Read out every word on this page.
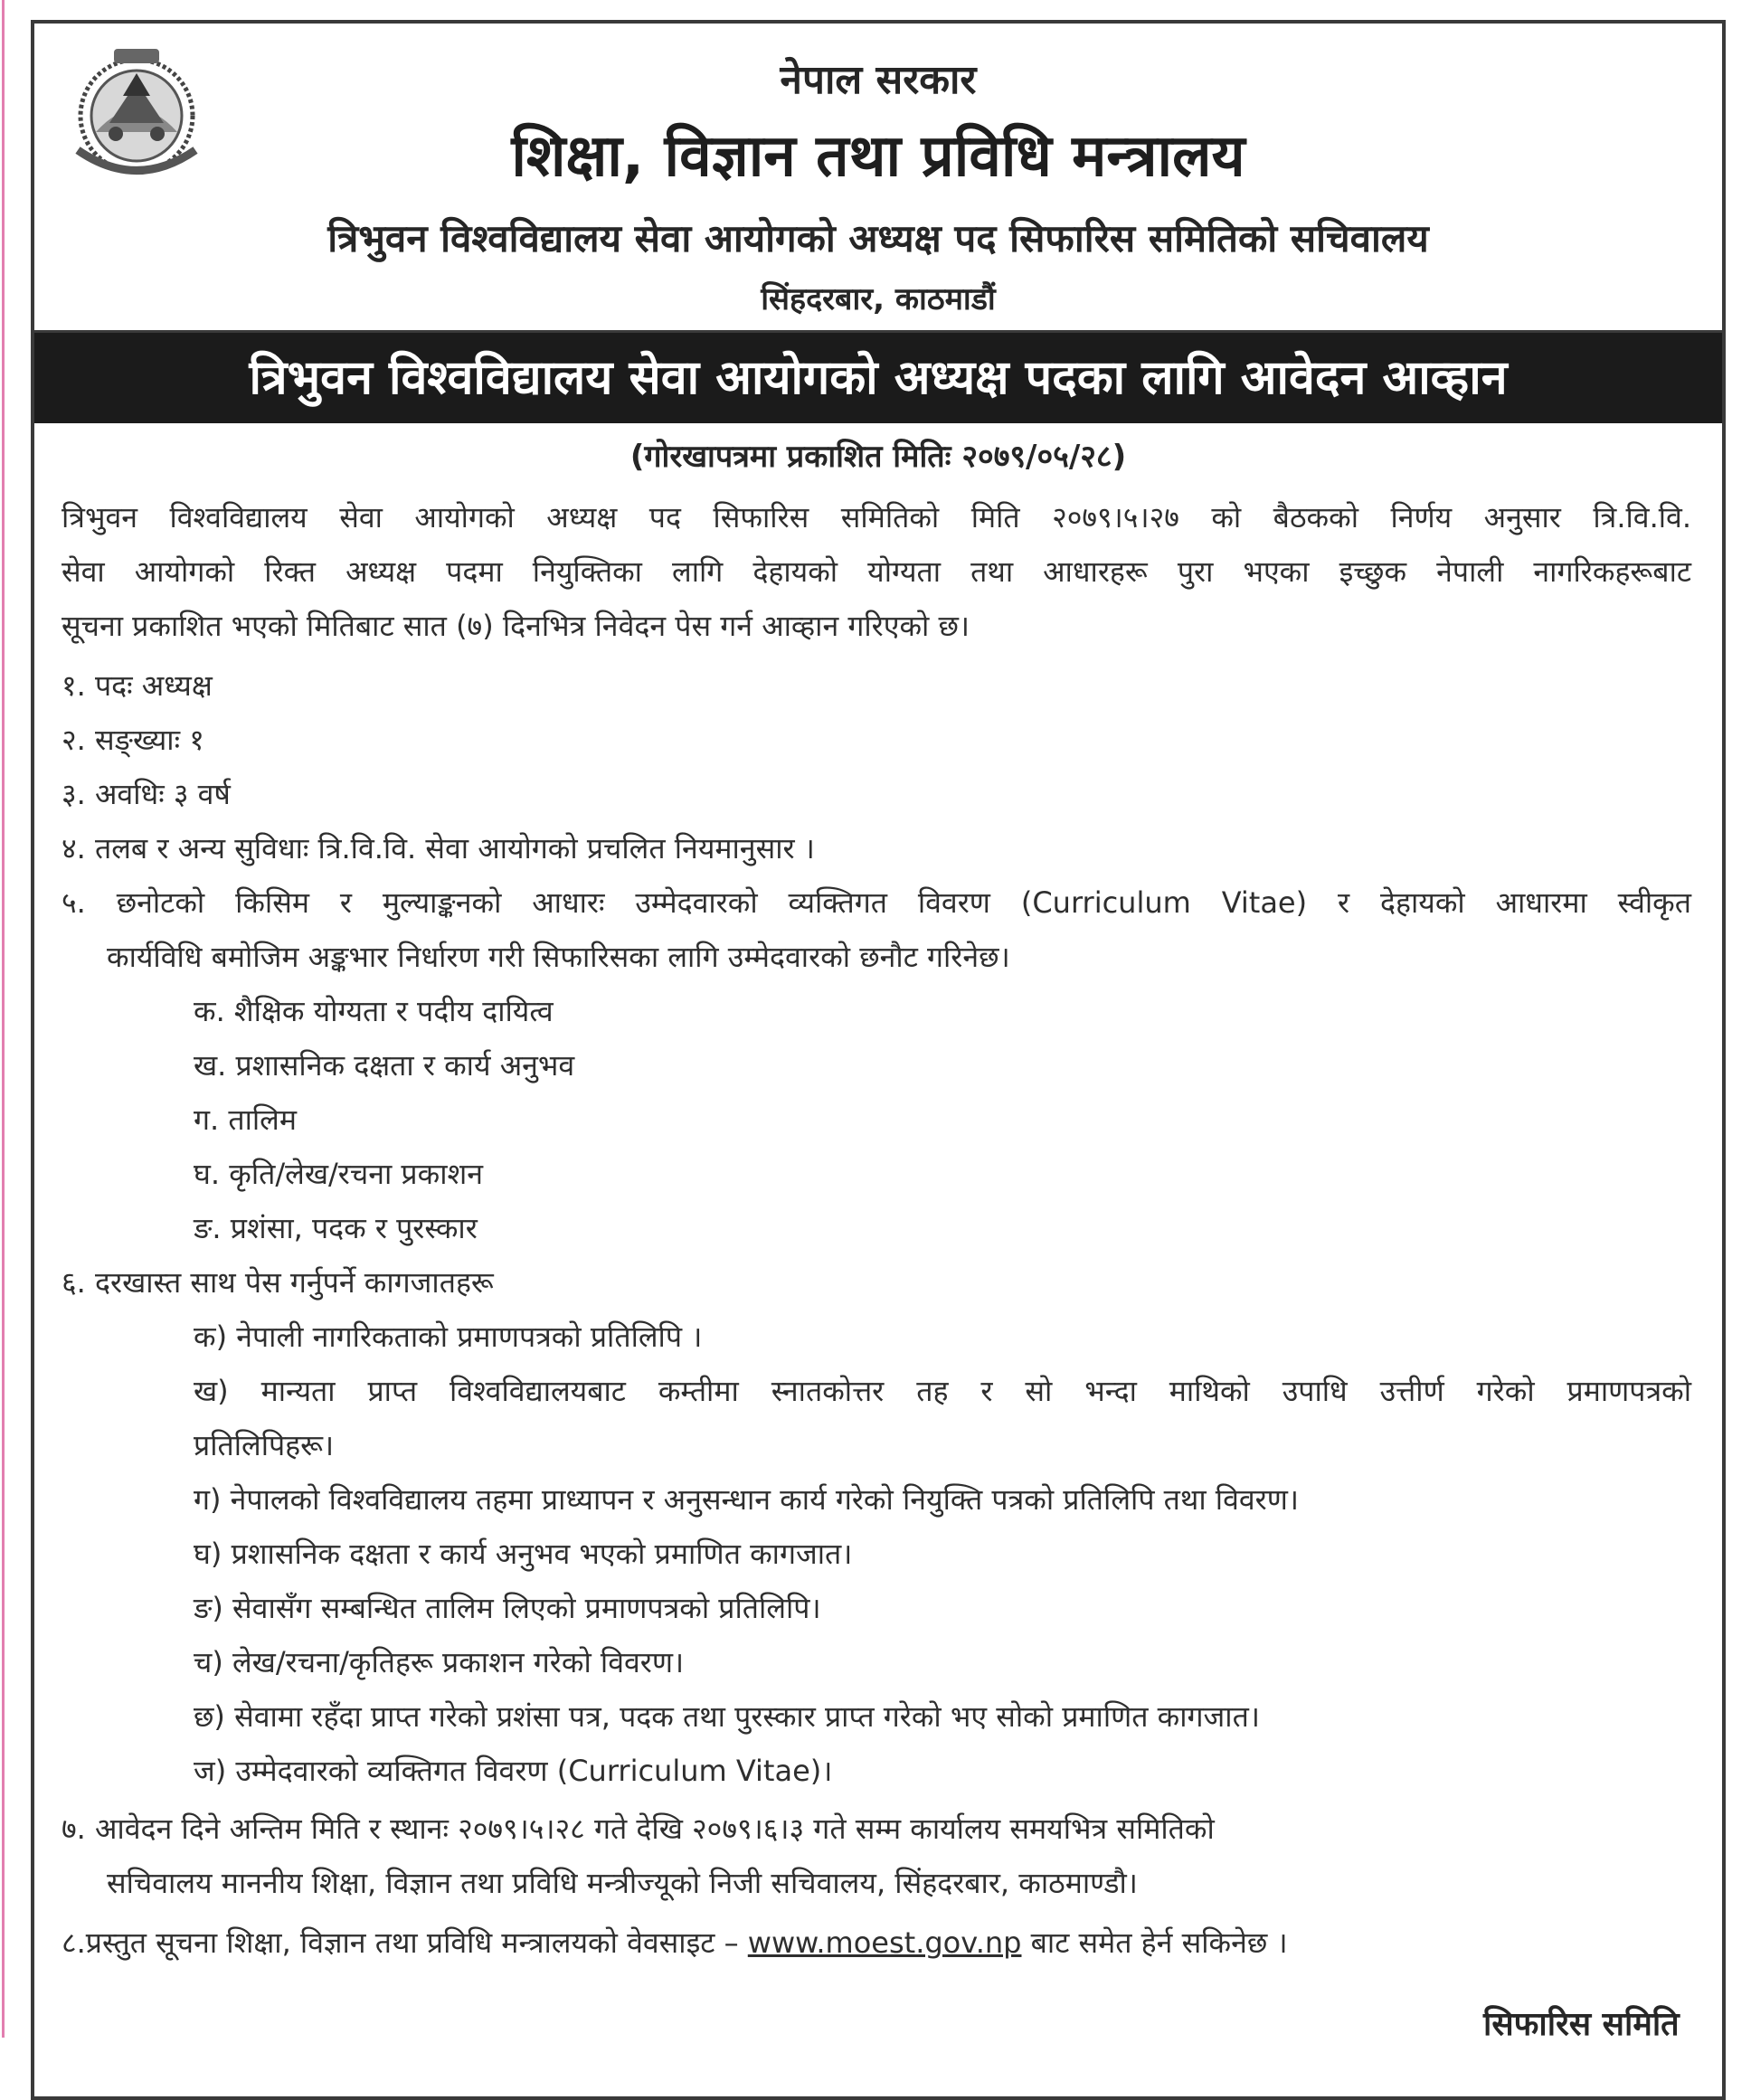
नेपाल सरकार
शिक्षा, विज्ञान तथा प्रविधि मन्त्रालय
त्रिभुवन विश्वविद्यालय सेवा आयोगको अध्यक्ष पद सिफारिस समितिको सचिवालय
सिंहदरबार, काठमाडौं
त्रिभुवन विश्वविद्यालय सेवा आयोगको अध्यक्ष पदका लागि आवेदन आव्हान
(गोरखापत्रमा प्रकाशित मितिः २०७९/०५/२८)
त्रिभुवन विश्वविद्यालय सेवा आयोगको अध्यक्ष पद सिफारिस समितिको मिति २०७९।५।२७ को बैठकको निर्णय अनुसार त्रि.वि.वि.
सेवा आयोगको रिक्त अध्यक्ष पदमा नियुक्तिका लागि देहायको योग्यता तथा आधारहरू पुरा भएका इच्छुक नेपाली नागरिकहरूबाट
सूचना प्रकाशित भएको मितिबाट सात (७) दिनभित्र निवेदन पेस गर्न आव्हान गरिएको छ।
१. पदः अध्यक्ष
२. सङ्ख्याः १
३. अवधिः ३ वर्ष
४. तलब र अन्य सुविधाः त्रि.वि.वि. सेवा आयोगको प्रचलित नियमानुसार ।
५. छनोटको किसिम र मुल्याङ्कनको आधारः उम्मेदवारको व्यक्तिगत विवरण (Curriculum Vitae) र देहायको आधारमा स्वीकृत
कार्यविधि बमोजिम अङ्कभार निर्धारण गरी सिफारिसका लागि उम्मेदवारको छनौट गरिनेछ।
क. शैक्षिक योग्यता र पदीय दायित्व
ख. प्रशासनिक दक्षता र कार्य अनुभव
ग. तालिम
घ. कृति/लेख/रचना प्रकाशन
ङ. प्रशंसा, पदक र पुरस्कार
६. दरखास्त साथ पेस गर्नुपर्ने कागजातहरू
क) नेपाली नागरिकताको प्रमाणपत्रको प्रतिलिपि ।
ख) मान्यता प्राप्त विश्वविद्यालयबाट कम्तीमा स्नातकोत्तर तह र सो भन्दा माथिको उपाधि उत्तीर्ण गरेको प्रमाणपत्रको
प्रतिलिपिहरू।
ग) नेपालको विश्वविद्यालय तहमा प्राध्यापन र अनुसन्धान कार्य गरेको नियुक्ति पत्रको प्रतिलिपि तथा विवरण।
घ) प्रशासनिक दक्षता र कार्य अनुभव भएको प्रमाणित कागजात।
ङ) सेवासँग सम्बन्धित तालिम लिएको प्रमाणपत्रको प्रतिलिपि।
च) लेख/रचना/कृतिहरू प्रकाशन गरेको विवरण।
छ) सेवामा रहँदा प्राप्त गरेको प्रशंसा पत्र, पदक तथा पुरस्कार प्राप्त गरेको भए सोको प्रमाणित कागजात।
ज) उम्मेदवारको व्यक्तिगत विवरण (Curriculum Vitae)।
७. आवेदन दिने अन्तिम मिति र स्थानः २०७९।५।२८ गते देखि २०७९।६।३ गते सम्म कार्यालय समयभित्र समितिको
सचिवालय माननीय शिक्षा, विज्ञान तथा प्रविधि मन्त्रीज्यूको निजी सचिवालय, सिंहदरबार, काठमाण्डौ।
८.प्रस्तुत सूचना शिक्षा, विज्ञान तथा प्रविधि मन्त्रालयको वेवसाइट – www.moest.gov.np बाट समेत हेर्न सकिनेछ ।
सिफारिस समिति
